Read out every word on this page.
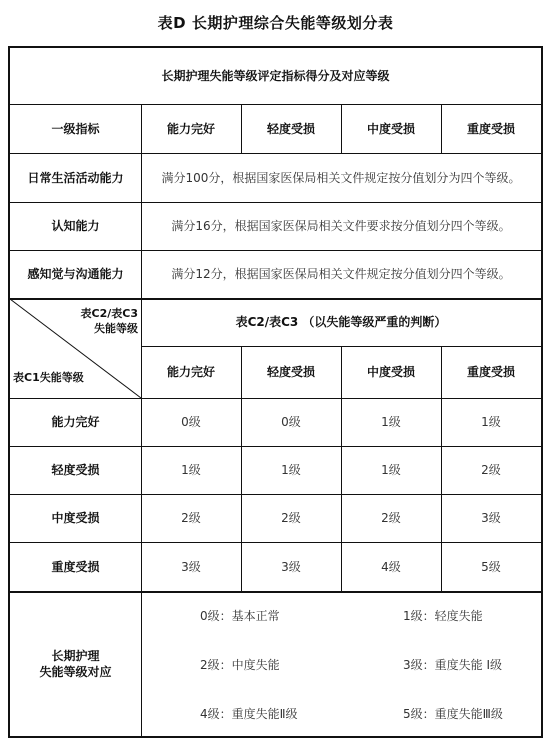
表D 长期护理综合失能等级划分表
长期护理失能等级评定指标得分及对应等级
一级指标	能力完好	轻度受损	中度受损	重度受损
日常生活活动能力	满分100分，根据国家医保局相关文件规定按分值划分为四个等级。
认知能力	满分16分，根据国家医保局相关文件要求按分值划分四个等级。
感知觉与沟通能力	满分12分，根据国家医保局相关文件规定按分值划分四个等级。
表C2/表C3
失能等级
表C1失能等级
表C2/表C3 （以失能等级严重的判断）
能力完好	轻度受损	中度受损	重度受损
能力完好	0级	0级	1级	1级
轻度受损	1级	1级	1级	2级
中度受损	2级	2级	2级	3级
重度受损	3级	3级	4级	5级
长期护理
失能等级对应
0级：基本正常	1级：轻度失能
2级：中度失能	3级：重度失能 Ⅰ级
4级：重度失能Ⅱ级	5级：重度失能Ⅲ级
